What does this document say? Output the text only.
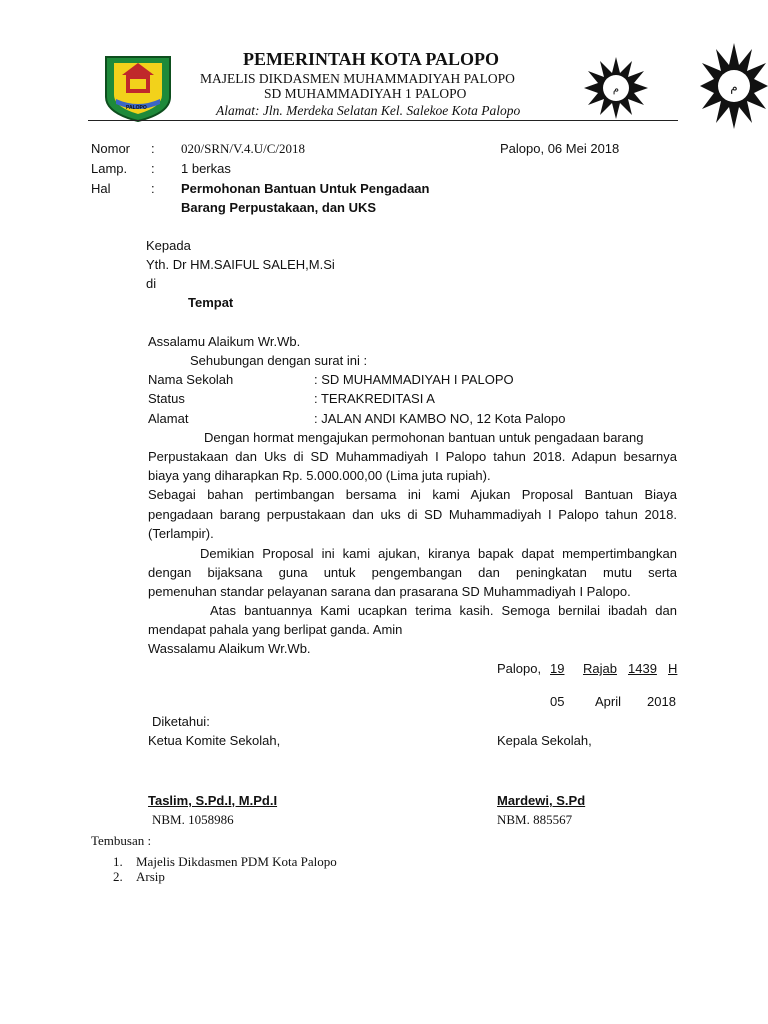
PALOPO
PEMERINTAH KOTA PALOPO
MAJELIS DIKDASMEN MUHAMMADIYAH PALOPO
SD MUHAMMADIYAH 1 PALOPO
Alamat: Jln. Merdeka Selatan Kel. Salekoe Kota Palopo
ﻡ	ﻡ
Nomor : 020/SRN/V.4.U/C/2018	Palopo, 06 Mei 2018
Lamp. : 1 berkas
Hal	: Permohonan Bantuan Untuk Pengadaan
Barang Perpustakaan, dan UKS
Kepada
Yth. Dr HM.SAIFUL SALEH,M.Si
di
Tempat
Assalamu Alaikum Wr.Wb.
Sehubungan dengan surat ini :
Nama Sekolah	: SD MUHAMMADIYAH I PALOPO
Status	: TERAKREDITASI A
Alamat	: JALAN ANDI KAMBO NO, 12 Kota Palopo
Dengan hormat mengajukan permohonan bantuan untuk pengadaan barang
Perpustakaan dan Uks di SD Muhammadiyah I Palopo tahun 2018. Adapun besarnya
biaya yang diharapkan Rp. 5.000.000,00 (Lima juta rupiah).
Sebagai bahan pertimbangan bersama ini kami Ajukan Proposal Bantuan Biaya
pengadaan barang perpustakaan dan uks di SD Muhammadiyah I Palopo tahun 2018.
(Terlampir).
Demikian Proposal ini kami ajukan, kiranya bapak dapat mempertimbangkan
dengan bijaksana guna untuk pengembangan dan peningkatan mutu serta
pemenuhan standar pelayanan sarana dan prasarana SD Muhammadiyah I Palopo.
Atas bantuannya Kami ucapkan terima kasih. Semoga bernilai ibadah dan
mendapat pahala yang berlipat ganda. Amin
Wassalamu Alaikum Wr.Wb.
Palopo, 19 Rajab 1439 H
05 April 2018
Diketahui:
Ketua Komite Sekolah,	Kepala Sekolah,
Taslim, S.Pd.I, M.Pd.I	Mardewi, S.Pd
NBM. 1058986	NBM. 885567
Tembusan :
1. Majelis Dikdasmen PDM Kota Palopo
2. Arsip
